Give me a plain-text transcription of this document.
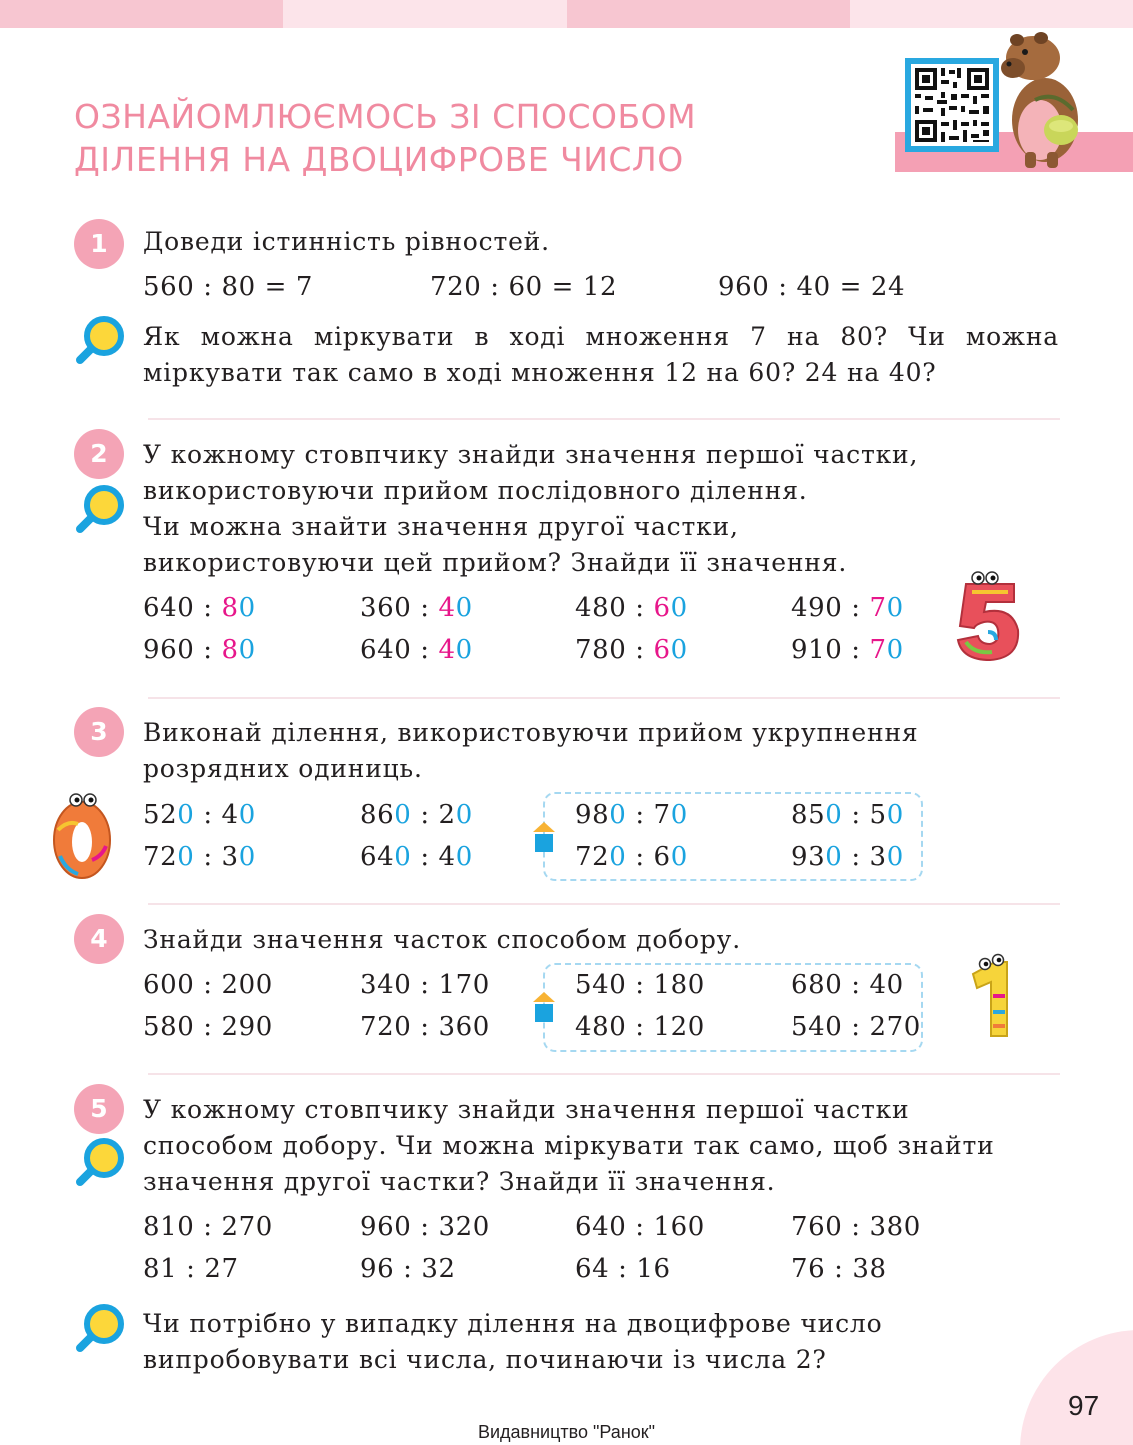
ОЗНАЙОМЛЮЄМОСЬ ЗІ СПОСОБОМ
ДІЛЕННЯ НА ДВОЦИФРОВЕ ЧИСЛО
1	Доведи істинність рівностей.
560 : 80 = 7	720 : 60 = 12	960 : 40 = 24
Як можна міркувати в ході множення 7 на 80? Чи можна міркувати так само в ході множення 12 на 60? 24 на 40?
2	У кожному стовпчику знайди значення першої частки,
використовуючи прийом послідовного ділення.
Чи можна знайти значення другої частки,
використовуючи цей прийом? Знайди її значення.
640 : 80	360 : 40	480 : 60	490 : 70
960 : 80	640 : 40	780 : 60	910 : 70
3	Виконай ділення, використовуючи прийом укрупнення
розрядних одиниць.
520 : 40	860 : 20	980 : 70	850 : 50
720 : 30	640 : 40	720 : 60	930 : 30
4	Знайди значення часток способом добору.
600 : 200	340 : 170	540 : 180	680 : 40
580 : 290	720 : 360	480 : 120	540 : 270
5	У кожному стовпчику знайди значення першої частки
способом добору. Чи можна міркувати так само, щоб знайти
значення другої частки? Знайди її значення.
810 : 270	960 : 320	640 : 160	760 : 380
81 : 27	96 : 32	64 : 16	76 : 38
Чи потрібно у випадку ділення на двоцифрове число
випробовувати всі числа, починаючи із числа 2?
97
Видавництво "Ранок"
